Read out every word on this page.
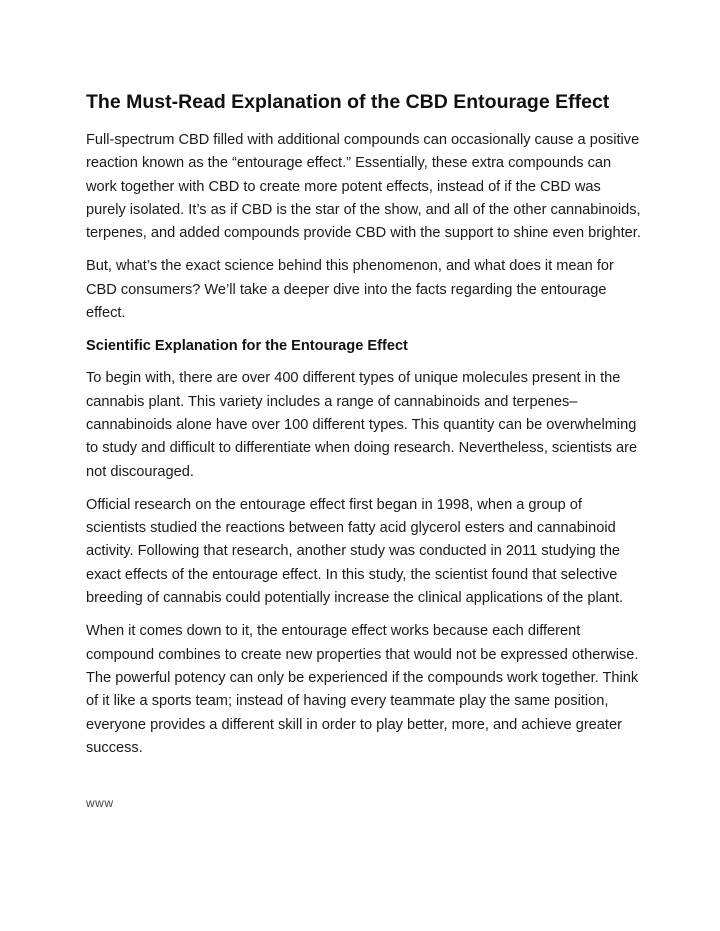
The Must-Read Explanation of the CBD Entourage Effect

Full-spectrum CBD filled with additional compounds can occasionally cause a positive reaction known as the “entourage effect.” Essentially, these extra compounds can work together with CBD to create more potent effects, instead of if the CBD was purely isolated. It’s as if CBD is the star of the show, and all of the other cannabinoids, terpenes, and added compounds provide CBD with the support to shine even brighter.

But, what’s the exact science behind this phenomenon, and what does it mean for CBD consumers? We’ll take a deeper dive into the facts regarding the entourage effect.

Scientific Explanation for the Entourage Effect

To begin with, there are over 400 different types of unique molecules present in the cannabis plant. This variety includes a range of cannabinoids and terpenes– cannabinoids alone have over 100 different types. This quantity can be overwhelming to study and difficult to differentiate when doing research. Nevertheless, scientists are not discouraged.

Official research on the entourage effect first began in 1998, when a group of scientists studied the reactions between fatty acid glycerol esters and cannabinoid activity. Following that research, another study was conducted in 2011 studying the exact effects of the entourage effect. In this study, the scientist found that selective breeding of cannabis could potentially increase the clinical applications of the plant.

When it comes down to it, the entourage effect works because each different compound combines to create new properties that would not be expressed otherwise. The powerful potency can only be experienced if the compounds work together. Think of it like a sports team; instead of having every teammate play the same position, everyone provides a different skill in order to play better, more, and achieve greater success.

www
